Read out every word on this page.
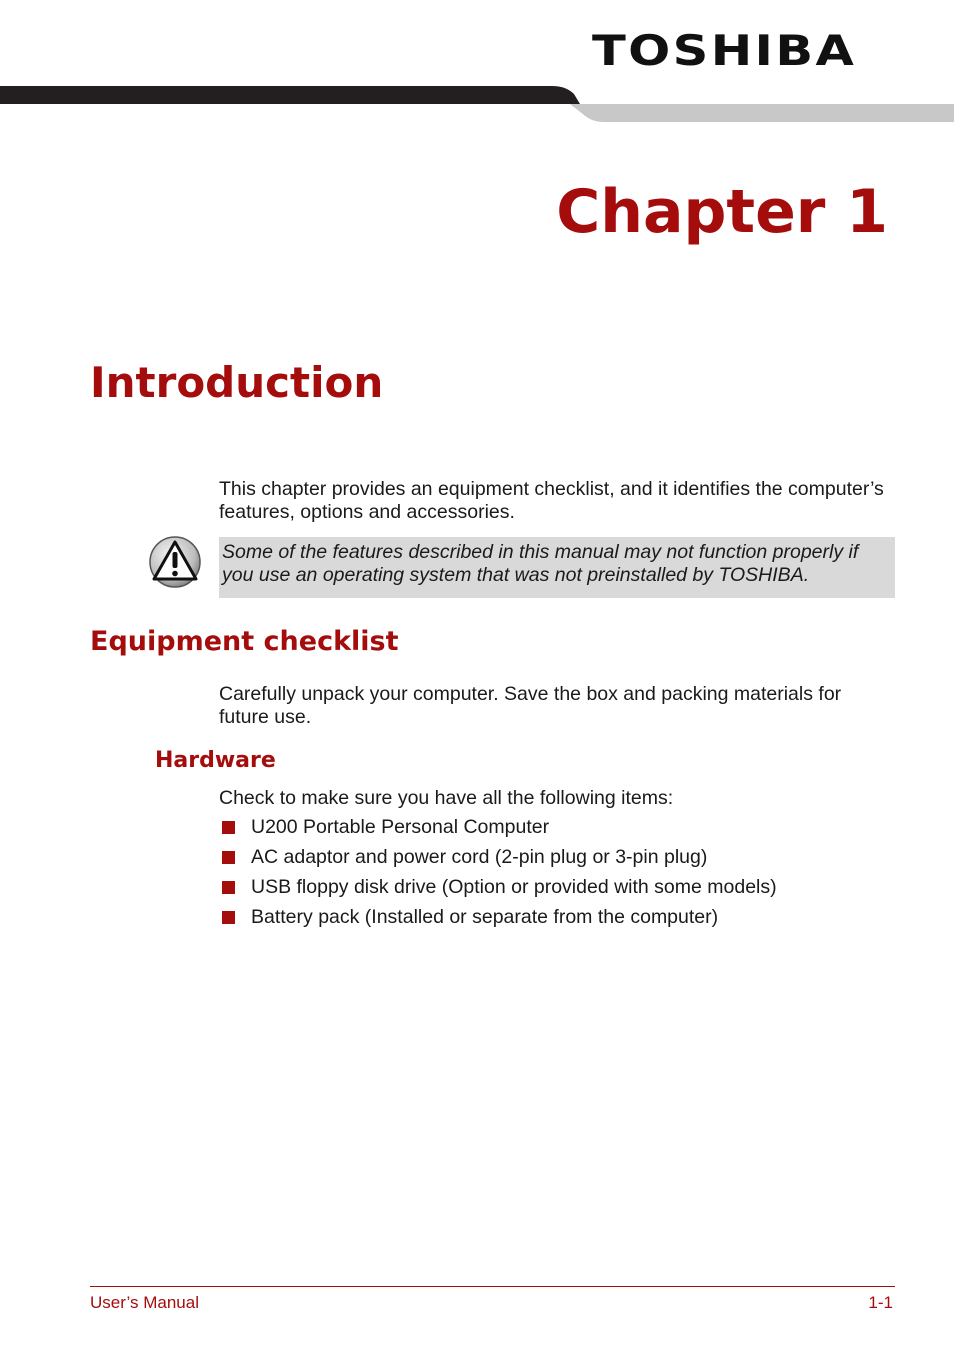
TOSHIBA
Chapter 1
Introduction
This chapter provides an equipment checklist, and it identifies the computer’s features, options and accessories.
Some of the features described in this manual may not function properly if you use an operating system that was not preinstalled by TOSHIBA.
Equipment checklist
Carefully unpack your computer. Save the box and packing materials for future use.
Hardware
Check to make sure you have all the following items:
U200 Portable Personal Computer
AC adaptor and power cord (2-pin plug or 3-pin plug)
USB floppy disk drive (Option or provided with some models)
Battery pack (Installed or separate from the computer)
User’s Manual	1-1
